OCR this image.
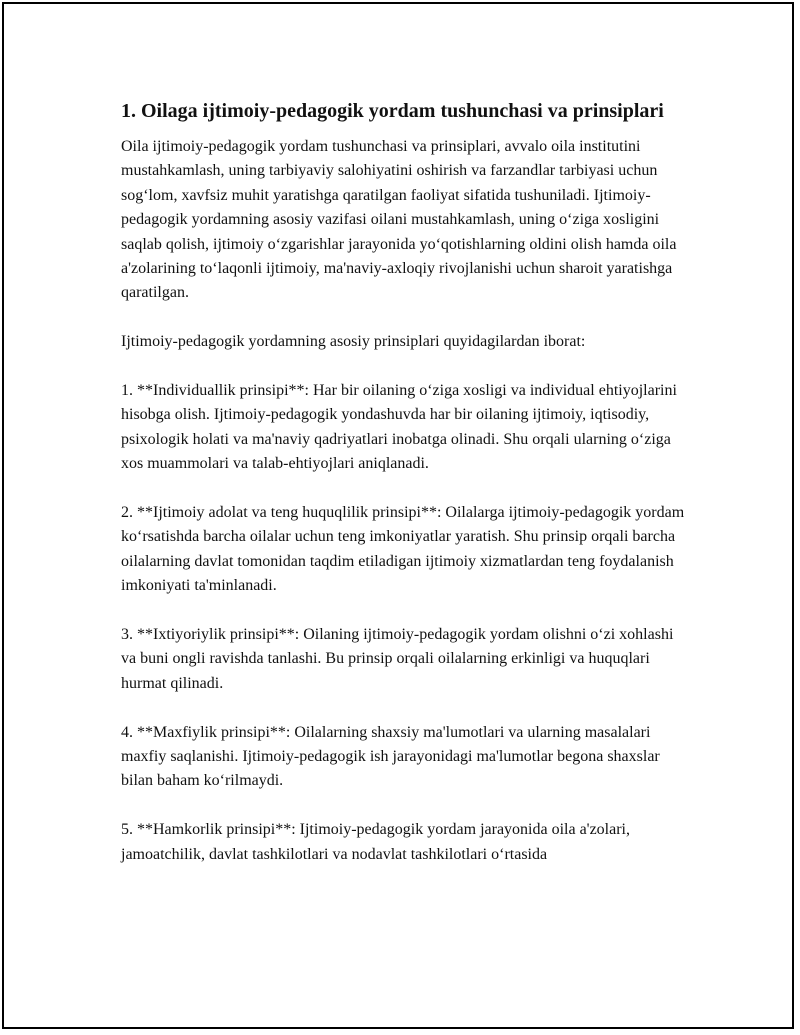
1. Oilaga ijtimoiy-pedagogik yordam tushunchasi va prinsiplari

Oila ijtimoiy-pedagogik yordam tushunchasi va prinsiplari, avvalo oila institutini mustahkamlash, uning tarbiyaviy salohiyatini oshirish va farzandlar tarbiyasi uchun sog‘lom, xavfsiz muhit yaratishga qaratilgan faoliyat sifatida tushuniladi. Ijtimoiy-pedagogik yordamning asosiy vazifasi oilani mustahkamlash, uning o‘ziga xosligini saqlab qolish, ijtimoiy o‘zgarishlar jarayonida yo‘qotishlarning oldini olish hamda oila a'zolarining to‘laqonli ijtimoiy, ma'naviy-axloqiy rivojlanishi uchun sharoit yaratishga qaratilgan.

Ijtimoiy-pedagogik yordamning asosiy prinsiplari quyidagilardan iborat:

1. **Individuallik prinsipi**: Har bir oilaning o‘ziga xosligi va individual ehtiyojlarini hisobga olish. Ijtimoiy-pedagogik yondashuvda har bir oilaning ijtimoiy, iqtisodiy, psixologik holati va ma'naviy qadriyatlari inobatga olinadi. Shu orqali ularning o‘ziga xos muammolari va talab-ehtiyojlari aniqlanadi.

2. **Ijtimoiy adolat va teng huquqlilik prinsipi**: Oilalarga ijtimoiy-pedagogik yordam ko‘rsatishda barcha oilalar uchun teng imkoniyatlar yaratish. Shu prinsip orqali barcha oilalarning davlat tomonidan taqdim etiladigan ijtimoiy xizmatlardan teng foydalanish imkoniyati ta'minlanadi.

3. **Ixtiyoriylik prinsipi**: Oilaning ijtimoiy-pedagogik yordam olishni o‘zi xohlashi va buni ongli ravishda tanlashi. Bu prinsip orqali oilalarning erkinligi va huquqlari hurmat qilinadi.

4. **Maxfiylik prinsipi**: Oilalarning shaxsiy ma'lumotlari va ularning masalalari maxfiy saqlanishi. Ijtimoiy-pedagogik ish jarayonidagi ma'lumotlar begona shaxslar bilan baham ko‘rilmaydi.

5. **Hamkorlik prinsipi**: Ijtimoiy-pedagogik yordam jarayonida oila a'zolari, jamoatchilik, davlat tashkilotlari va nodavlat tashkilotlari o‘rtasida
